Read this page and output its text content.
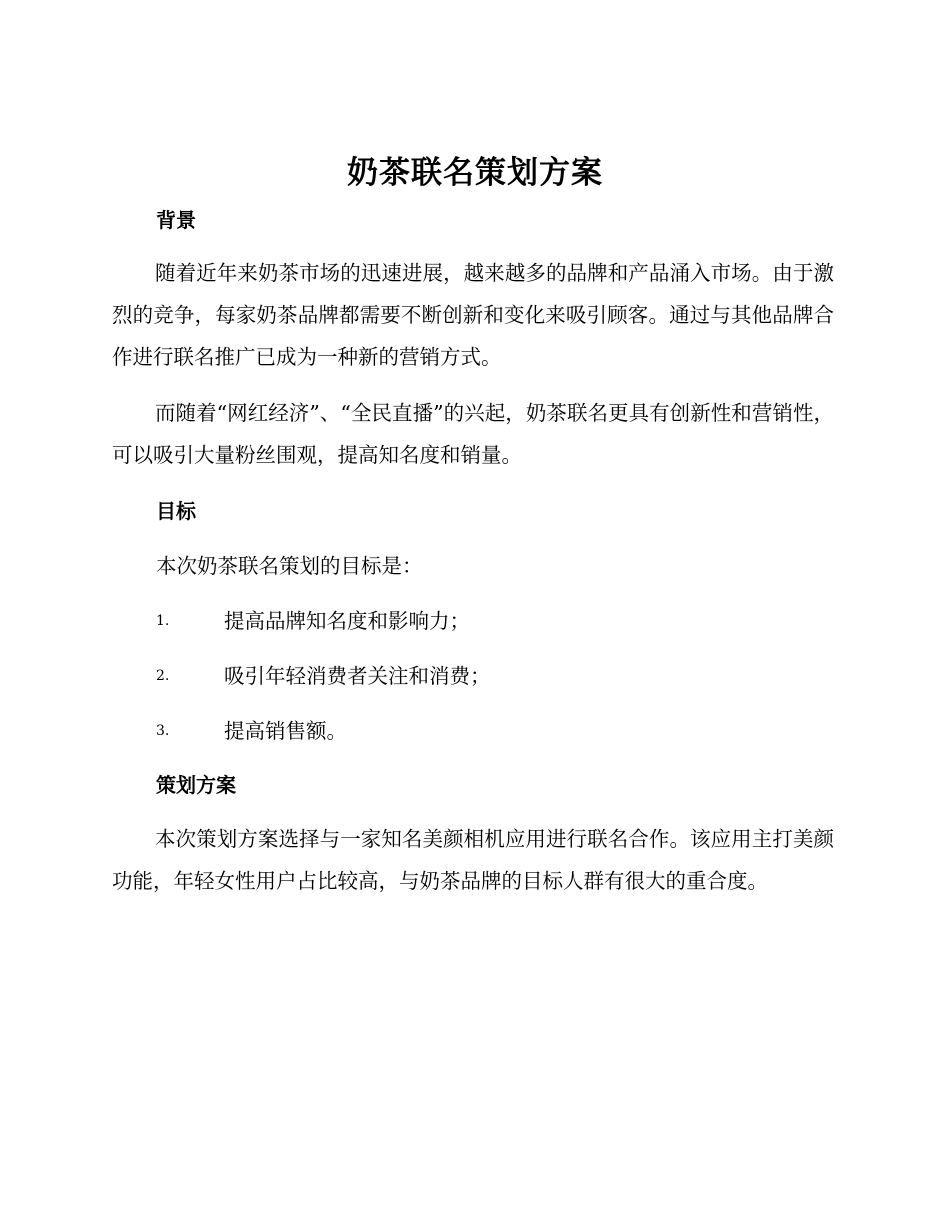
奶茶联名策划方案
背景

随着近年来奶茶市场的迅速进展，越来越多的品牌和产品涌入市场。由于激烈的竞争，每家奶茶品牌都需要不断创新和变化来吸引顾客。通过与其他品牌合作进行联名推广已成为一种新的营销方式。

而随着“网红经济”、“全民直播”的兴起，奶茶联名更具有创新性和营销性，可以吸引大量粉丝围观，提高知名度和销量。

目标
本次奶茶联名策划的目标是：
1.	提高品牌知名度和影响力；
2.	吸引年轻消费者关注和消费；
3.	提高销售额。
策划方案

本次策划方案选择与一家知名美颜相机应用进行联名合作。该应用主打美颜功能，年轻女性用户占比较高，与奶茶品牌的目标人群有很大的重合度。
